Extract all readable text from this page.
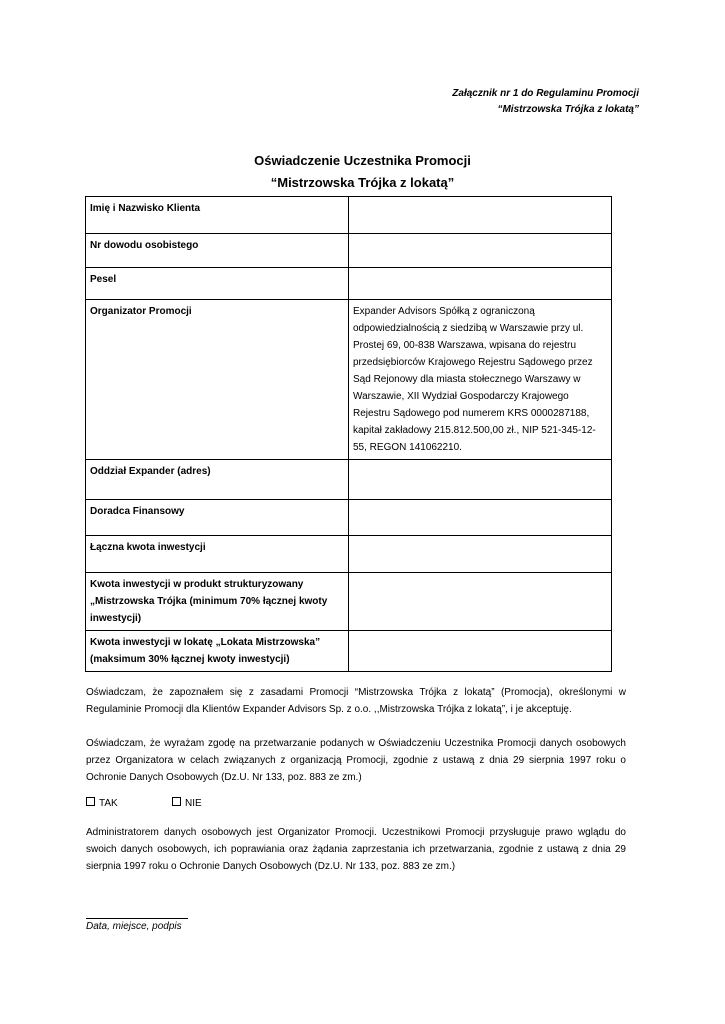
Załącznik nr 1 do Regulaminu Promocji
“Mistrzowska Trójka z lokatą”
Oświadczenie Uczestnika Promocji
“Mistrzowska Trójka z lokatą”
Imię i Nazwisko Klienta	
Nr dowodu osobistego	
Pesel	
Organizator Promocji	Expander Advisors Spółką z ograniczoną odpowiedzialnością z siedzibą w Warszawie przy ul. Prostej 69, 00-838 Warszawa, wpisana do rejestru przedsiębiorców Krajowego Rejestru Sądowego przez Sąd Rejonowy dla miasta stołecznego Warszawy w Warszawie, XII Wydział Gospodarczy Krajowego Rejestru Sądowego pod numerem KRS 0000287188, kapitał zakładowy 215.812.500,00 zł., NIP 521-345-12-55, REGON 141062210.
Oddział Expander (adres)	
Doradca Finansowy	
Łączna kwota inwestycji	
Kwota inwestycji w produkt strukturyzowany „Mistrzowska Trójka (minimum 70% łącznej kwoty inwestycji)	
Kwota inwestycji w lokatę „Lokata Mistrzowska” (maksimum 30% łącznej kwoty inwestycji)	
Oświadczam, że zapoznałem się z zasadami Promocji “Mistrzowska Trójka z lokatą” (Promocja), określonymi w Regulaminie Promocji dla Klientów Expander Advisors Sp. z o.o. ,,Mistrzowska Trójka z lokatą”, i je akceptuję.
Oświadczam, że wyrażam zgodę na przetwarzanie podanych w Oświadczeniu Uczestnika Promocji danych osobowych przez Organizatora w celach związanych z organizacją Promocji, zgodnie z ustawą z dnia 29 sierpnia 1997 roku o Ochronie Danych Osobowych (Dz.U. Nr 133, poz. 883 ze zm.)
TAK	NIE
Administratorem danych osobowych jest Organizator Promocji. Uczestnikowi Promocji przysługuje prawo wglądu do swoich danych osobowych, ich poprawiania oraz żądania zaprzestania ich przetwarzania, zgodnie z ustawą z dnia 29 sierpnia 1997 roku o Ochronie Danych Osobowych (Dz.U. Nr 133, poz. 883 ze zm.)
Data, miejsce, podpis
